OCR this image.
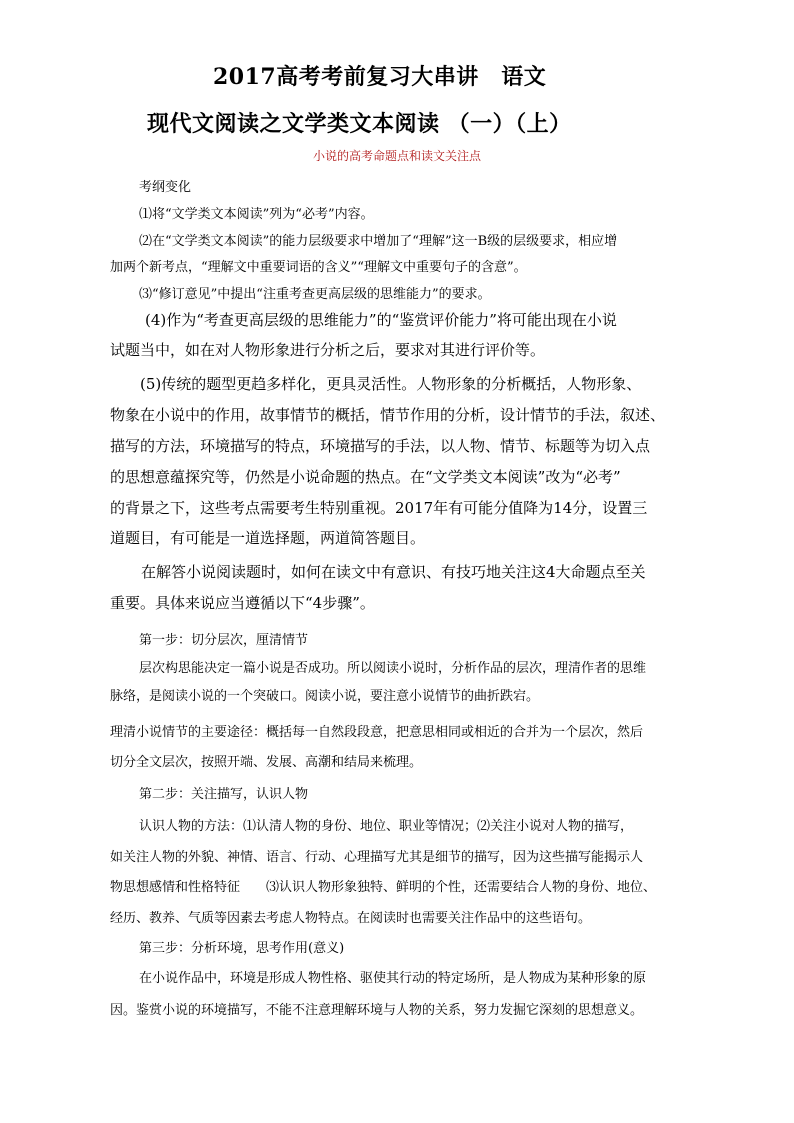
2017高考考前复习大串讲　语文
现代文阅读之文学类文本阅读 （一）（上）
小说的高考命题点和读文关注点
考纲变化
⑴将“文学类文本阅读”列为“必考”内容。
⑵在“文学类文本阅读”的能力层级要求中增加了“理解”这一B级的层级要求，相应增
加两个新考点，“理解文中重要词语的含义”“理解文中重要句子的含意”。
⑶“修订意见”中提出“注重考查更高层级的思维能力”的要求。
(4)作为“考查更高层级的思维能力”的“鉴赏评价能力”将可能出现在小说
试题当中，如在对人物形象进行分析之后，要求对其进行评价等。
(5)传统的题型更趋多样化，更具灵活性。人物形象的分析概括，人物形象、
物象在小说中的作用，故事情节的概括，情节作用的分析，设计情节的手法，叙述、
描写的方法，环境描写的特点，环境描写的手法，以人物、情节、标题等为切入点
的思想意蕴探究等，仍然是小说命题的热点。在“文学类文本阅读”改为“必考”
的背景之下，这些考点需要考生特别重视。2017年有可能分值降为14分，设置三
道题目，有可能是一道选择题，两道简答题目。
在解答小说阅读题时，如何在读文中有意识、有技巧地关注这4大命题点至关
重要。具体来说应当遵循以下“4步骤”。
第一步：切分层次，厘清情节
层次构思能决定一篇小说是否成功。所以阅读小说时，分析作品的层次，理清作者的思维
脉络，是阅读小说的一个突破口。阅读小说，要注意小说情节的曲折跌宕。
理清小说情节的主要途径：概括每一自然段段意，把意思相同或相近的合并为一个层次，然后
切分全文层次，按照开端、发展、高潮和结局来梳理。
第二步：关注描写，认识人物
认识人物的方法：⑴认清人物的身份、地位、职业等情况；⑵关注小说对人物的描写，
如关注人物的外貌、神情、语言、行动、心理描写尤其是细节的描写，因为这些描写能揭示人
物思想感情和性格特征　　⑶认识人物形象独特、鲜明的个性，还需要结合人物的身份、地位、
经历、教养、气质等因素去考虑人物特点。在阅读时也需要关注作品中的这些语句。
第三步：分析环境，思考作用(意义)
在小说作品中，环境是形成人物性格、驱使其行动的特定场所，是人物成为某种形象的原
因。鉴赏小说的环境描写，不能不注意理解环境与人物的关系，努力发掘它深刻的思想意义。
